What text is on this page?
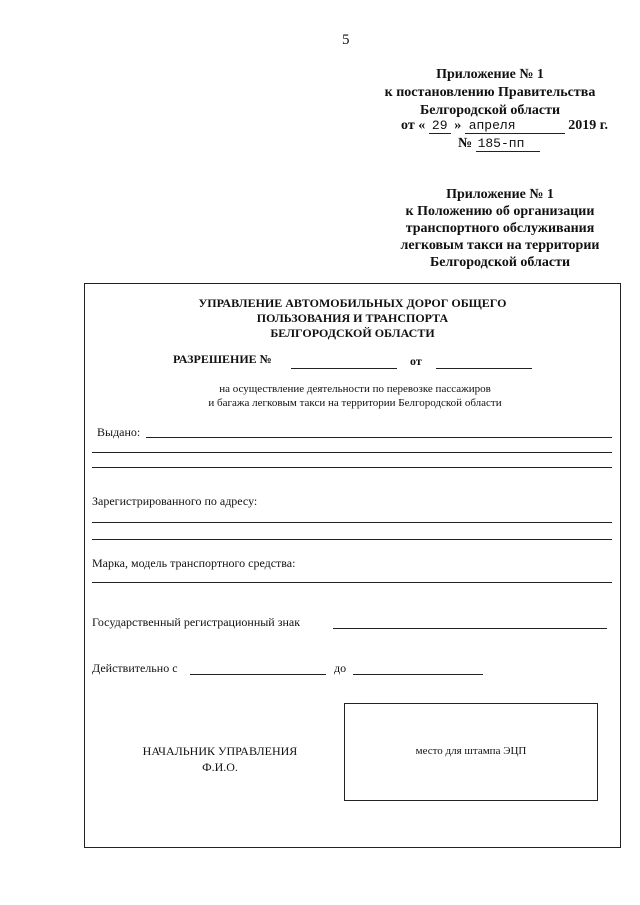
5
Приложение № 1
к постановлению Правительства
Белгородской области
от « 29 » апреля	2019 г.
№ 185-пп
Приложение № 1
к Положению об организации
транспортного обслуживания
легковым такси на территории
Белгородской области
УПРАВЛЕНИЕ АВТОМОБИЛЬНЫХ ДОРОГ ОБЩЕГО
ПОЛЬЗОВАНИЯ И ТРАНСПОРТА
БЕЛГОРОДСКОЙ ОБЛАСТИ
РАЗРЕШЕНИЕ №	от
на осуществление деятельности по перевозке пассажиров
и багажа легковым такси на территории Белгородской области
Выдано:
Зарегистрированного по адресу:
Марка, модель транспортного средства:
Государственный регистрационный знак
Действительно с	до
НАЧАЛЬНИК УПРАВЛЕНИЯ
Ф.И.О.
место для штампа ЭЦП
